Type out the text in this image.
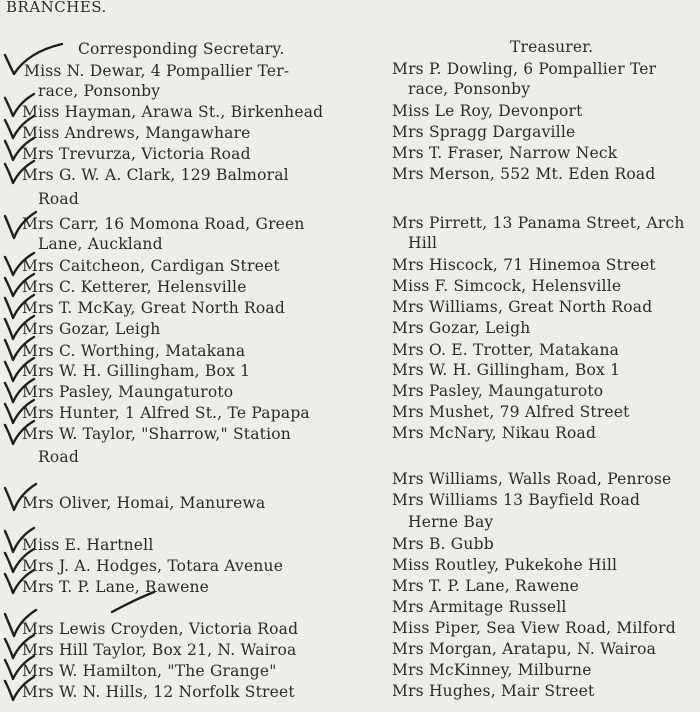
BRANCHES.
Corresponding Secretary.	Treasurer.
Miss N. Dewar, 4 Pompallier Ter-
race, Ponsonby
Miss Hayman, Arawa St., Birkenhead
Miss Andrews, Mangawhare
Mrs Trevurza, Victoria Road
Mrs G. W. A. Clark, 129 Balmoral
Road
Mrs Carr, 16 Momona Road, Green
Lane, Auckland
Mrs Caitcheon, Cardigan Street
Mrs C. Ketterer, Helensville
Mrs T. McKay, Great North Road
Mrs Gozar, Leigh
Mrs C. Worthing, Matakana
Mrs W. H. Gillingham, Box 1
Mrs Pasley, Maungaturoto
Mrs Hunter, 1 Alfred St., Te Papapa
Mrs W. Taylor, "Sharrow," Station
Road
Mrs Oliver, Homai, Manurewa
Miss E. Hartnell
Mrs J. A. Hodges, Totara Avenue
Mrs T. P. Lane, Rawene
Mrs Lewis Croyden, Victoria Road
Mrs Hill Taylor, Box 21, N. Wairoa
Mrs W. Hamilton, "The Grange"
Mrs W. N. Hills, 12 Norfolk Street
Mrs P. Dowling, 6 Pompallier Ter
race, Ponsonby
Miss Le Roy, Devonport
Mrs Spragg Dargaville
Mrs T. Fraser, Narrow Neck
Mrs Merson, 552 Mt. Eden Road
Mrs Pirrett, 13 Panama Street, Arch
Hill
Mrs Hiscock, 71 Hinemoa Street
Miss F. Simcock, Helensville
Mrs Williams, Great North Road
Mrs Gozar, Leigh
Mrs O. E. Trotter, Matakana
Mrs W. H. Gillingham, Box 1
Mrs Pasley, Maungaturoto
Mrs Mushet, 79 Alfred Street
Mrs McNary, Nikau Road
Mrs Williams, Walls Road, Penrose
Mrs Williams 13 Bayfield Road
Herne Bay
Mrs B. Gubb
Miss Routley, Pukekohe Hill
Mrs T. P. Lane, Rawene
Mrs Armitage Russell
Miss Piper, Sea View Road, Milford
Mrs Morgan, Aratapu, N. Wairoa
Mrs McKinney, Milburne
Mrs Hughes, Mair Street
